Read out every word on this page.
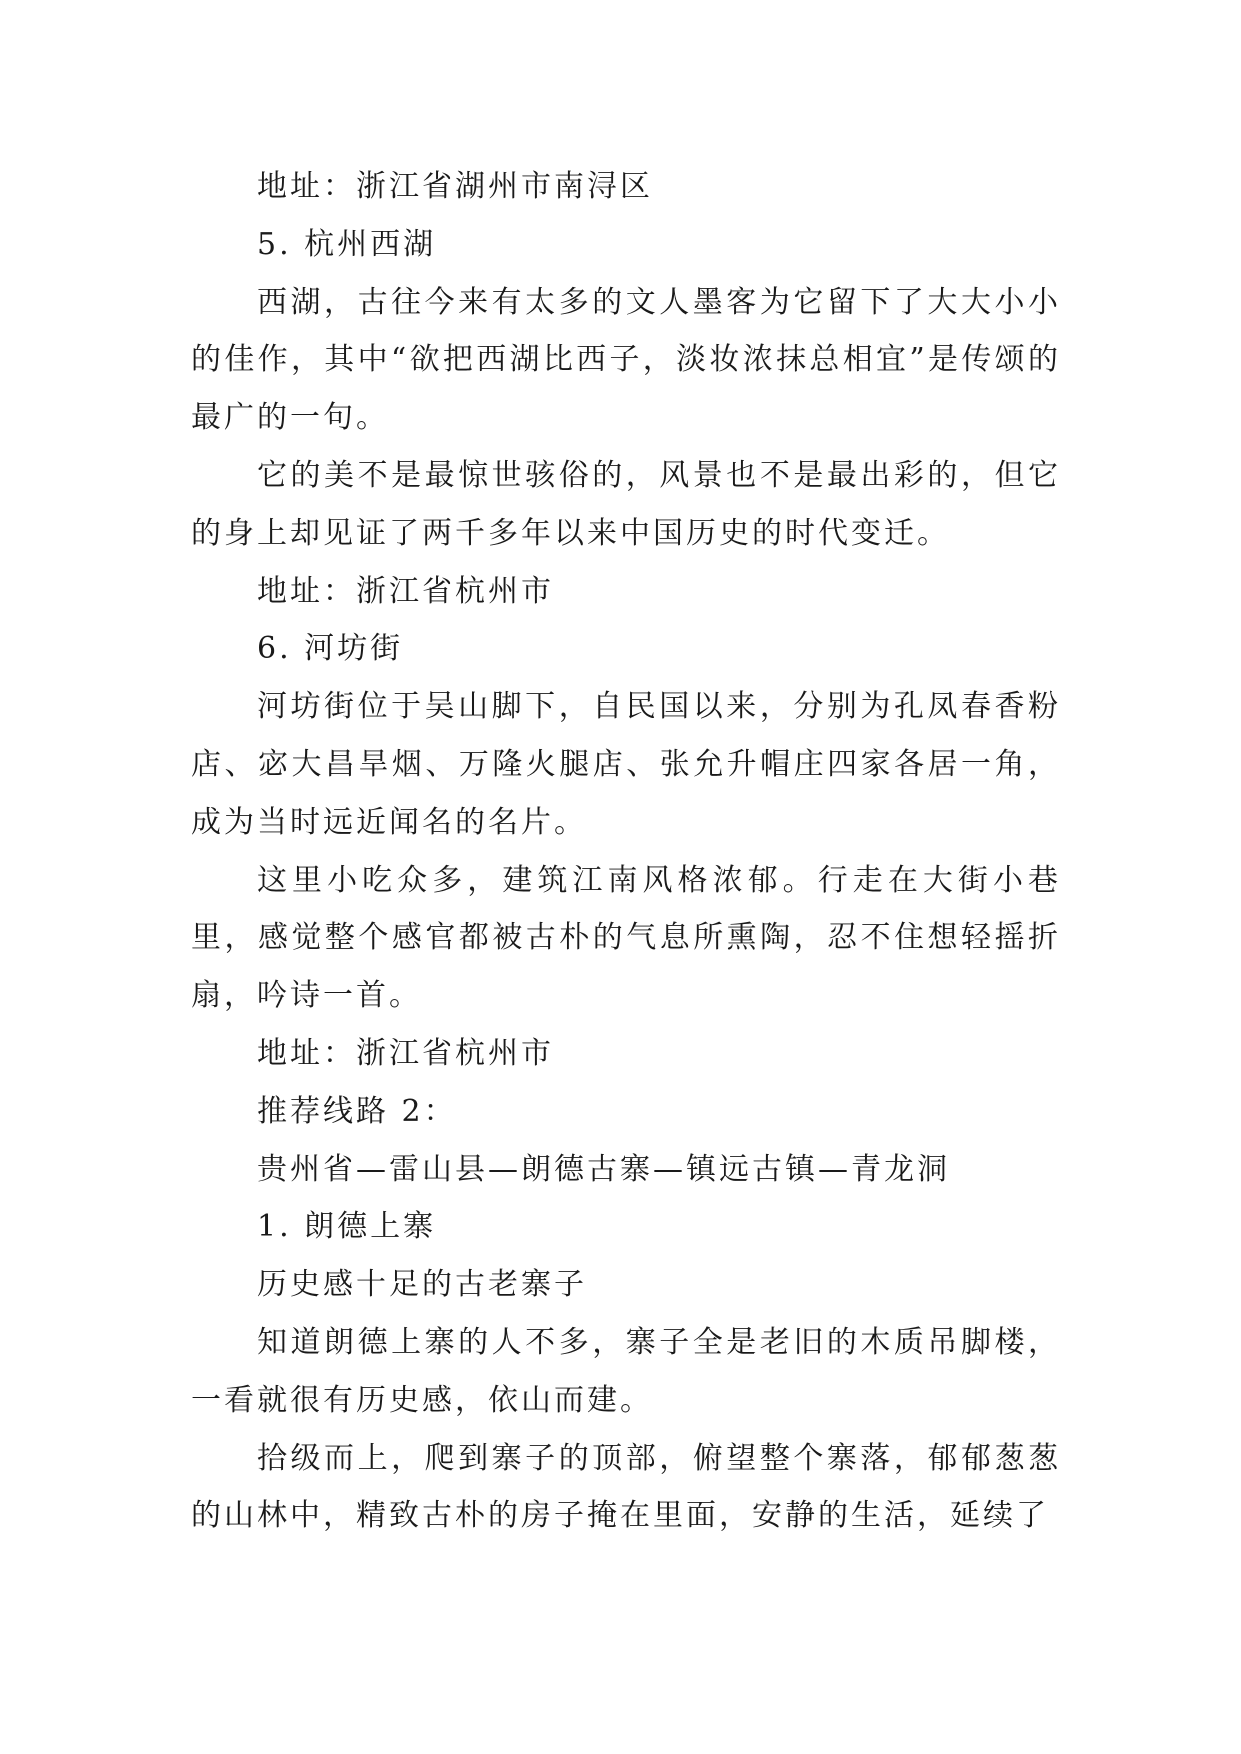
地址：浙江省湖州市南浔区

5. 杭州西湖

西湖，古往今来有太多的文人墨客为它留下了大大小小的佳作，其中“欲把西湖比西子，淡妆浓抹总相宜”是传颂的最广的一句。

它的美不是最惊世骇俗的，风景也不是最出彩的，但它的身上却见证了两千多年以来中国历史的时代变迁。

地址：浙江省杭州市

6. 河坊街

河坊街位于吴山脚下，自民国以来，分别为孔凤春香粉店、宓大昌旱烟、万隆火腿店、张允升帽庄四家各居一角，成为当时远近闻名的名片。

这里小吃众多，建筑江南风格浓郁。行走在大街小巷里，感觉整个感官都被古朴的气息所熏陶，忍不住想轻摇折扇，吟诗一首。

地址：浙江省杭州市

推荐线路 2：

贵州省—雷山县—朗德古寨—镇远古镇—青龙洞

1. 朗德上寨

历史感十足的古老寨子

知道朗德上寨的人不多，寨子全是老旧的木质吊脚楼，一看就很有历史感，依山而建。

拾级而上，爬到寨子的顶部，俯望整个寨落，郁郁葱葱的山林中，精致古朴的房子掩在里面，安静的生活，延续了
